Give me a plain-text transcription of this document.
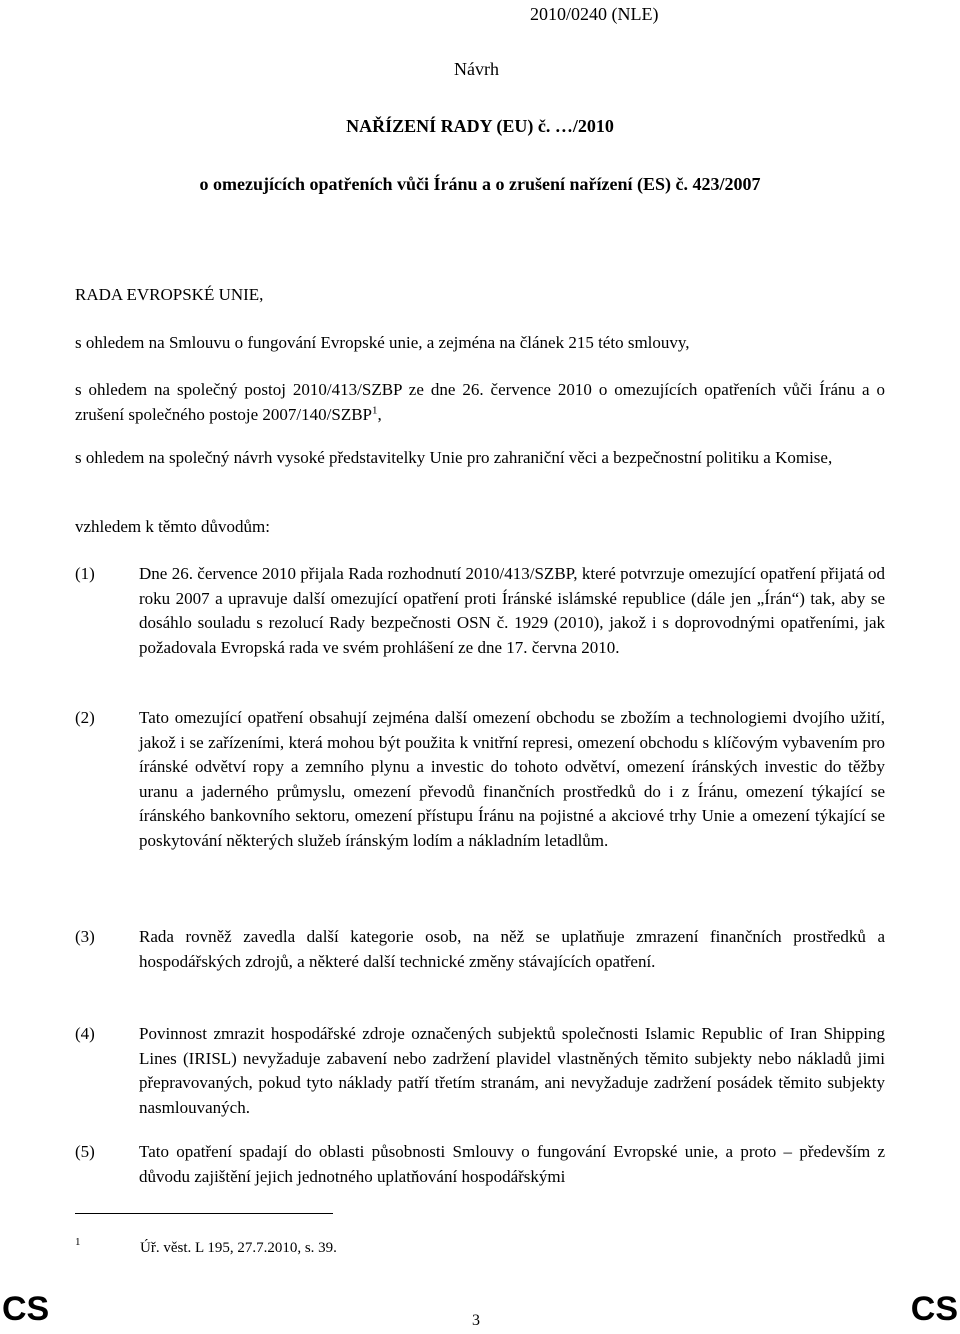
2010/0240 (NLE)
Návrh
NAŘÍZENÍ RADY (EU) č. …/2010
o omezujících opatřeních vůči Íránu a o zrušení nařízení (ES) č. 423/2007
RADA EVROPSKÉ UNIE,
s ohledem na Smlouvu o fungování Evropské unie, a zejména na článek 215 této smlouvy,
s ohledem na společný postoj 2010/413/SZBP ze dne 26. července 2010 o omezujících opatřeních vůči Íránu a o zrušení společného postoje 2007/140/SZBP$^1$,
s ohledem na společný návrh vysoké představitelky Unie pro zahraniční věci a bezpečnostní politiku a Komise,
vzhledem k těmto důvodům:
(1)	Dne 26. července 2010 přijala Rada rozhodnutí 2010/413/SZBP, které potvrzuje omezující opatření přijatá od roku 2007 a upravuje další omezující opatření proti Íránské islámské republice (dále jen „Írán“) tak, aby se dosáhlo souladu s rezolucí Rady bezpečnosti OSN č. 1929 (2010), jakož i s doprovodnými opatřeními, jak požadovala Evropská rada ve svém prohlášení ze dne 17. června 2010.
(2)	Tato omezující opatření obsahují zejména další omezení obchodu se zbožím a technologiemi dvojího užití, jakož i se zařízeními, která mohou být použita k vnitřní represi, omezení obchodu s klíčovým vybavením pro íránské odvětví ropy a zemního plynu a investic do tohoto odvětví, omezení íránských investic do těžby uranu a jaderného průmyslu, omezení převodů finančních prostředků do i z Íránu, omezení týkající se íránského bankovního sektoru, omezení přístupu Íránu na pojistné a akciové trhy Unie a omezení týkající se poskytování některých služeb íránským lodím a nákladním letadlům.
(3)	Rada rovněž zavedla další kategorie osob, na něž se uplatňuje zmrazení finančních prostředků a hospodářských zdrojů, a některé další technické změny stávajících opatření.
(4)	Povinnost zmrazit hospodářské zdroje označených subjektů společnosti Islamic Republic of Iran Shipping Lines (IRISL) nevyžaduje zabavení nebo zadržení plavidel vlastněných těmito subjekty nebo nákladů jimi přepravovaných, pokud tyto náklady patří třetím stranám, ani nevyžaduje zadržení posádek těmito subjekty nasmlouvaných.
(5)	Tato opatření spadají do oblasti působnosti Smlouvy o fungování Evropské unie, a proto – především z důvodu zajištění jejich jednotného uplatňování hospodářskými
1	Úř. věst. L 195, 27.7.2010, s. 39.
CS	3	CS
